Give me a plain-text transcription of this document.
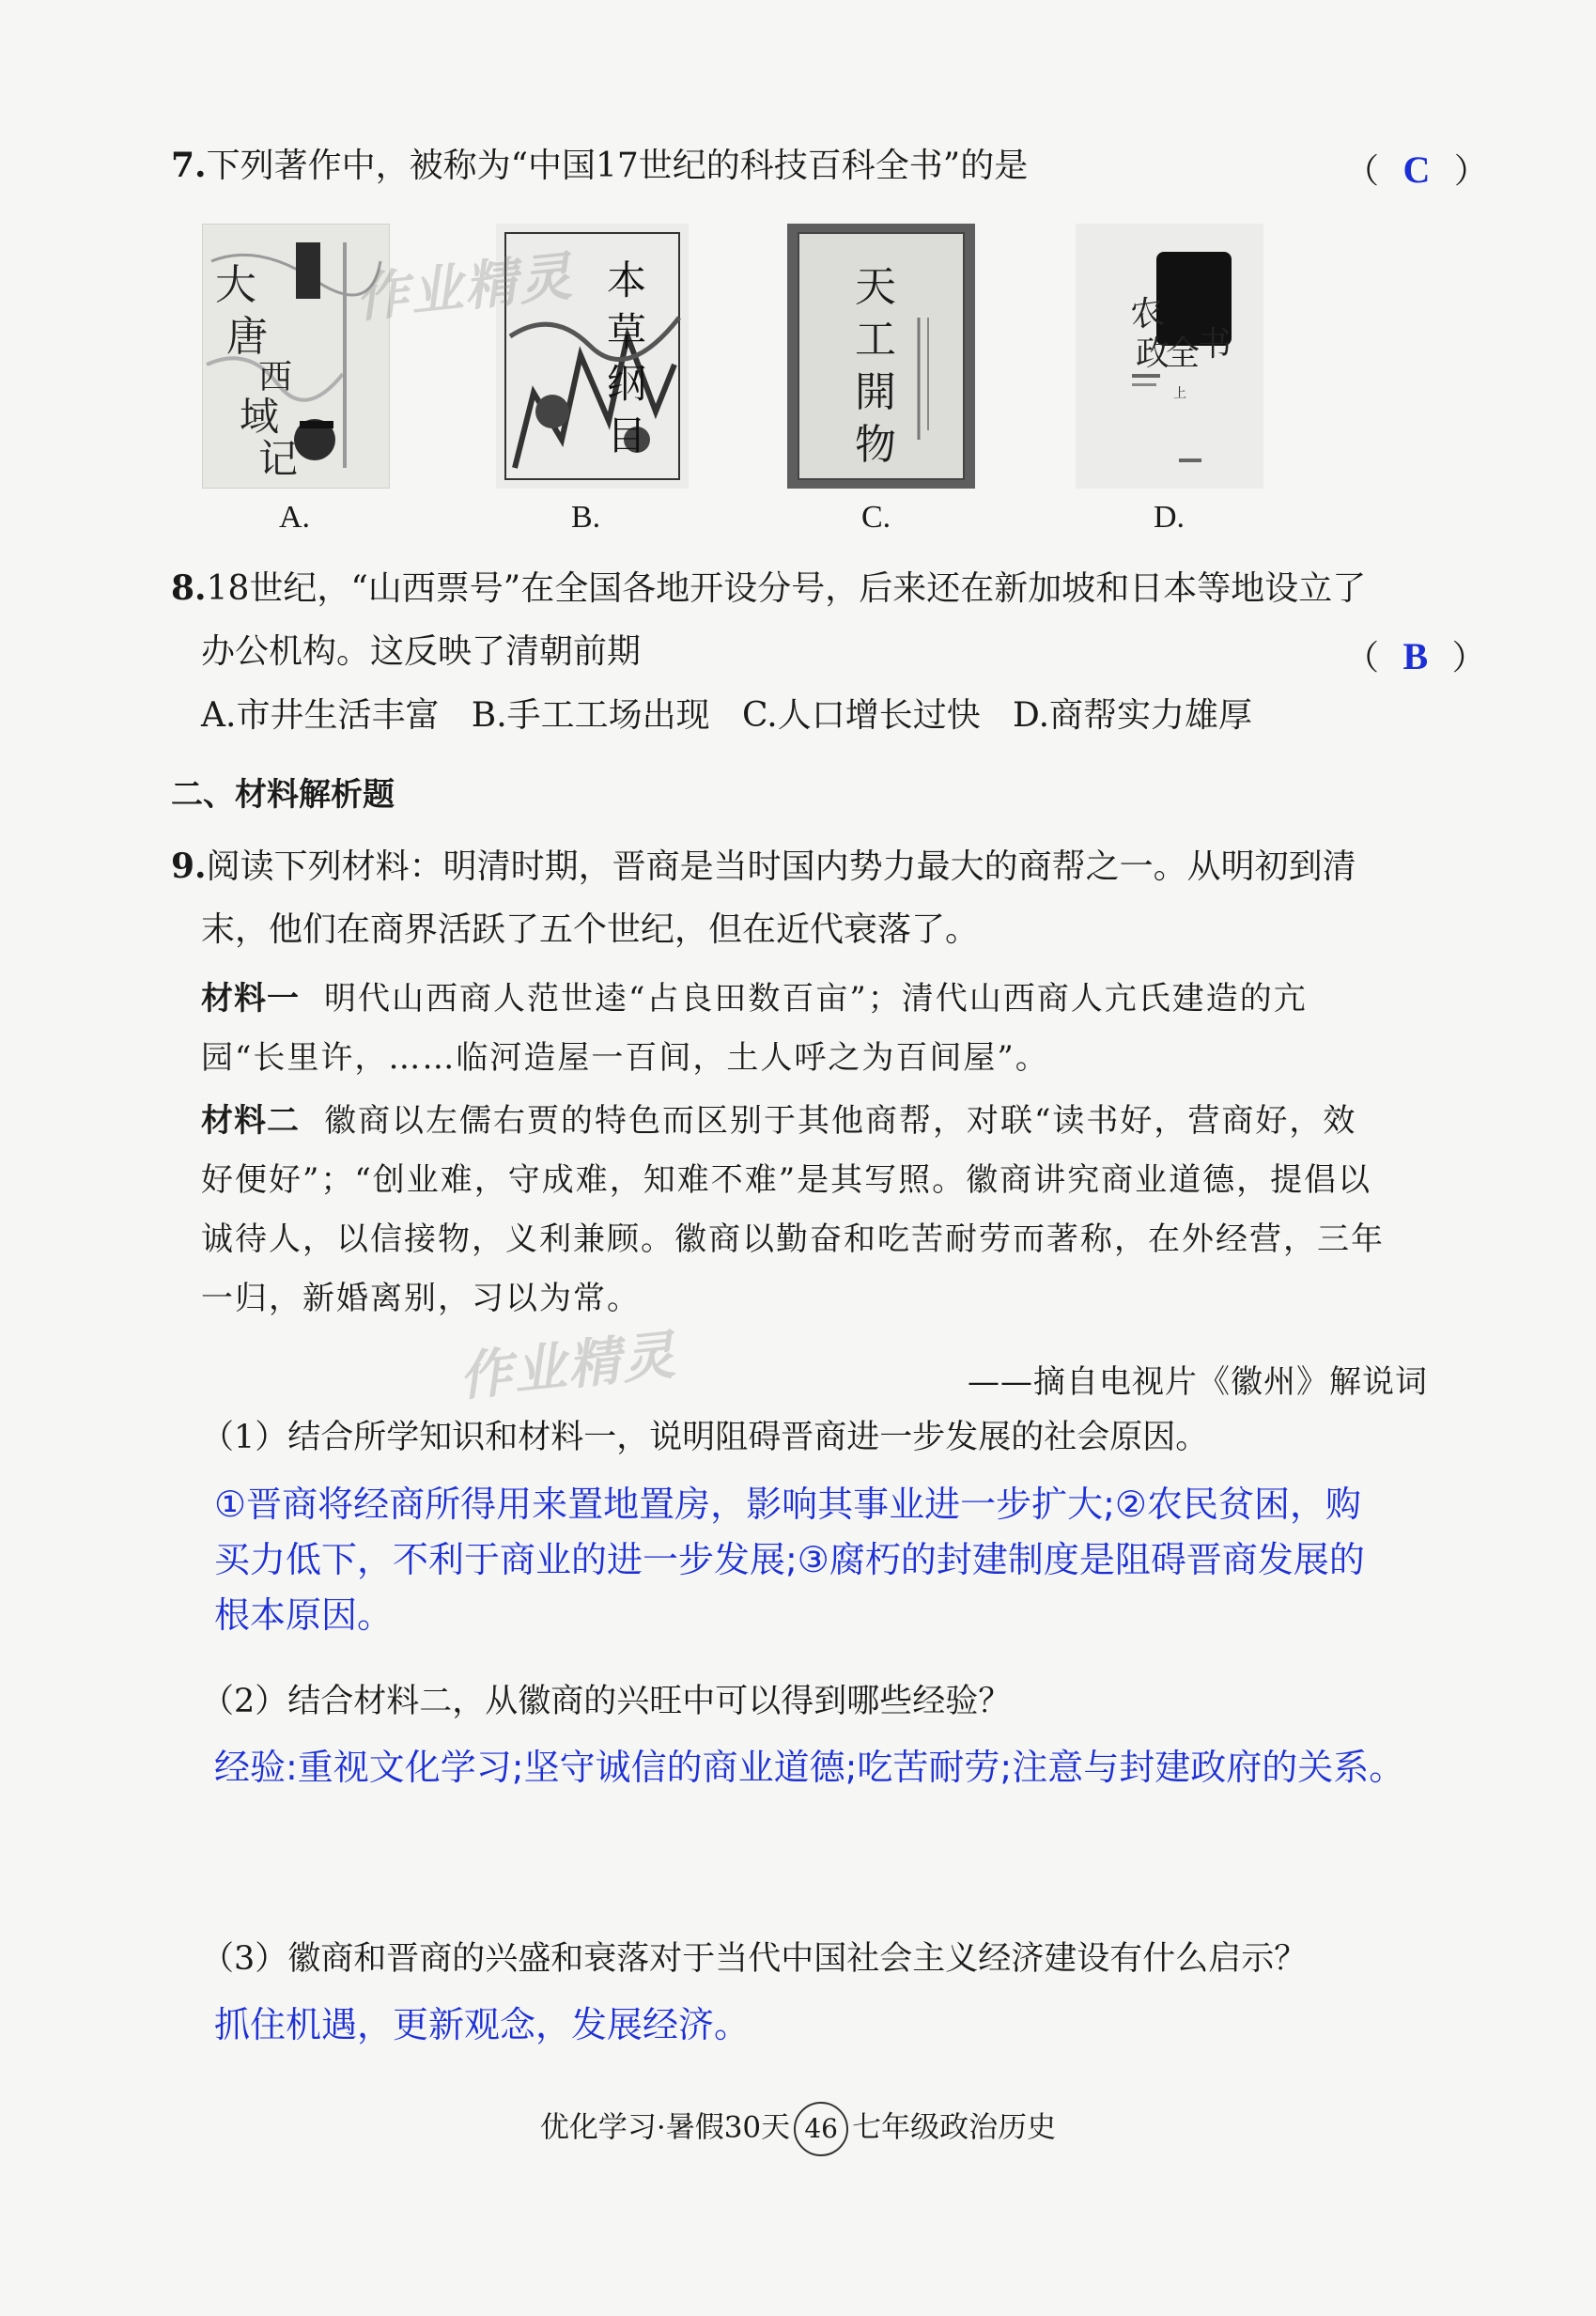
7.下列著作中，被称为“中国17世纪的科技百科全书”的是	（ C ）
大
唐
西
域
记
本
草
纲
目
天
工
開
物
农
政
全
书
上
A.	B.	C.	D.
作业精灵
8.18世纪，“山西票号”在全国各地开设分号，后来还在新加坡和日本等地设立了
办公机构。这反映了清朝前期	（ B ）
A.市井生活丰富   B.手工工场出现   C.人口增长过快   D.商帮实力雄厚
二、材料解析题
9.阅读下列材料：明清时期，晋商是当时国内势力最大的商帮之一。从明初到清
末，他们在商界活跃了五个世纪，但在近代衰落了。
材料一 明代山西商人范世逵“占良田数百亩”；清代山西商人亢氏建造的亢
园“长里许，……临河造屋一百间，土人呼之为百间屋”。
材料二 徽商以左儒右贾的特色而区别于其他商帮，对联“读书好，营商好，效
好便好”；“创业难，守成难，知难不难”是其写照。徽商讲究商业道德，提倡以
诚待人，以信接物，义利兼顾。徽商以勤奋和吃苦耐劳而著称，在外经营，三年
一归，新婚离别，习以为常。
作业精灵	——摘自电视片《徽州》解说词
（1）结合所学知识和材料一，说明阻碍晋商进一步发展的社会原因。
①晋商将经商所得用来置地置房，影响其事业进一步扩大;②农民贫困，购
买力低下，不利于商业的进一步发展;③腐朽的封建制度是阻碍晋商发展的
根本原因。
（2）结合材料二，从徽商的兴旺中可以得到哪些经验？
经验:重视文化学习;坚守诚信的商业道德;吃苦耐劳;注意与封建政府的关系。
（3）徽商和晋商的兴盛和衰落对于当代中国社会主义经济建设有什么启示？
抓住机遇，更新观念，发展经济。
优化学习·暑假30天 46 七年级政治历史
